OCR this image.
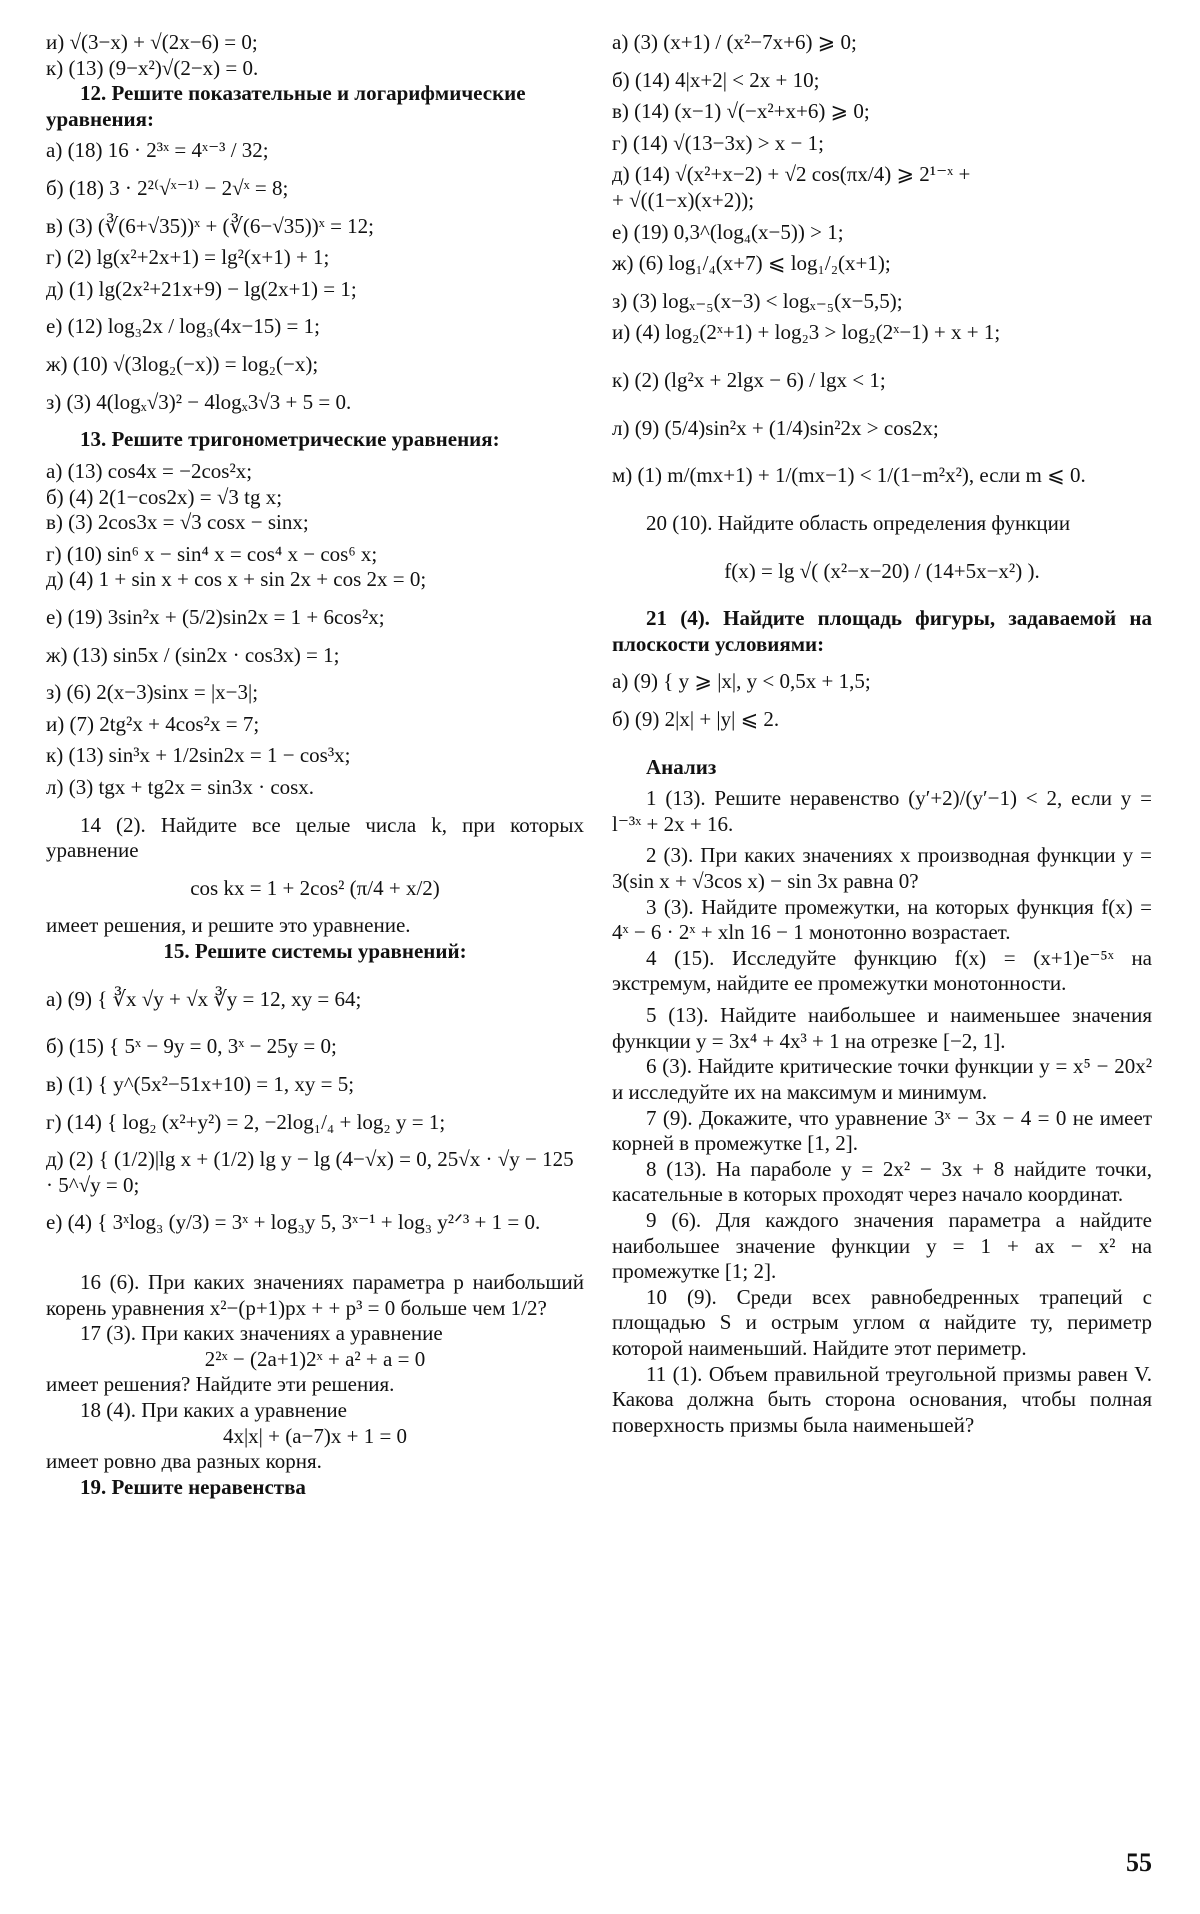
и) √(3−x) + √(2x−6) = 0;

к) (13) (9−x²)√(2−x) = 0.

12. Решите показательные и логарифмические уравнения:

а) (18) 16 · 2³ˣ = 4ˣ⁻³ / 32;

б) (18) 3 · 2²⁽√ˣ⁻¹⁾ − 2√ˣ = 8;

в) (3) (∛(6+√35))ˣ + (∛(6−√35))ˣ = 12;

г) (2) lg(x²+2x+1) = lg²(x+1) + 1;

д) (1) lg(2x²+21x+9) − lg(2x+1) = 1;

е) (12) log₃2x / log₃(4x−15) = 1;

ж) (10) √(3log₂(−x)) = log₂(−x);

з) (3) 4(logₓ√3)² − 4logₓ3√3 + 5 = 0.

13. Решите тригонометрические уравнения:

а) (13) cos4x = −2cos²x;

б) (4) 2(1−cos2x) = √3 tg x;

в) (3) 2cos3x = √3 cosx − sinx;

г) (10) sin⁶ x − sin⁴ x = cos⁴ x − cos⁶ x;

д) (4) 1 + sin x + cos x + sin 2x + cos 2x = 0;

е) (19) 3sin²x + (5/2)sin2x = 1 + 6cos²x;

ж) (13) sin5x / (sin2x · cos3x) = 1;

з) (6) 2(x−3)sinx = |x−3|;

и) (7) 2tg²x + 4cos²x = 7;

к) (13) sin³x + 1/2sin2x = 1 − cos³x;

л) (3) tgx + tg2x = sin3x · cosx.

14 (2). Найдите все целые числа k, при которых уравнение

cos kx = 1 + 2cos² (π/4 + x/2)

имеет решения, и решите это уравнение.

15. Решите системы уравнений:

а) (9) { ∛x √y + √x ∛y = 12, xy = 64;

б) (15) { 5ˣ − 9y = 0, 3ˣ − 25y = 0;

в) (1) { y^(5x²−51x+10) = 1, xy = 5;

г) (14) { log₂ (x²+y²) = 2, −2log₁/₄ + log₂ y = 1;

д) (2) { (1/2)|lg x + (1/2) lg y − lg (4−√x) = 0, 25√x · √y − 125 · 5^√y = 0;

е) (4) { 3ˣlog₃ (y/3) = 3ˣ + log₃y 5, 3ˣ⁻¹ + log₃ y²ᐟ³ + 1 = 0.

16 (6). При каких значениях параметра p наибольший корень уравнения x²−(p+1)px + + p³ = 0 больше чем 1/2?

17 (3). При каких значениях a уравнение

2²ˣ − (2a+1)2ˣ + a² + a = 0

имеет решения? Найдите эти решения.

18 (4). При каких a уравнение

4x|x| + (a−7)x + 1 = 0

имеет ровно два разных корня.

19. Решите неравенства

а) (3) (x+1) / (x²−7x+6) ⩾ 0;

б) (14) 4|x+2| < 2x + 10;

в) (14) (x−1) √(−x²+x+6) ⩾ 0;

г) (14) √(13−3x) > x − 1;

д) (14) √(x²+x−2) + √2 cos(πx/4) ⩾ 2¹⁻ˣ +

+ √((1−x)(x+2));

е) (19) 0,3^(log₄(x−5)) > 1;

ж) (6) log₁/₄(x+7) ⩽ log₁/₂(x+1);

з) (3) logₓ₋₅(x−3) < logₓ₋₅(x−5,5);

и) (4) log₂(2ˣ+1) + log₂3 > log₂(2ˣ−1) + x + 1;

к) (2) (lg²x + 2lgx − 6) / lgx < 1;

л) (9) (5/4)sin²x + (1/4)sin²2x > cos2x;

м) (1) m/(mx+1) + 1/(mx−1) < 1/(1−m²x²), если m ⩽ 0.

20 (10). Найдите область определения функции

f(x) = lg √( (x²−x−20) / (14+5x−x²) ).

21 (4). Найдите площадь фигуры, задаваемой на плоскости условиями:

а) (9) { y ⩾ |x|, y < 0,5x + 1,5;

б) (9) 2|x| + |y| ⩽ 2.

Анализ

1 (13). Решите неравенство (y′+2)/(y′−1) < 2, если y = l⁻³ˣ + 2x + 16.

2 (3). При каких значениях x производная функции y = 3(sin x + √3cos x) − sin 3x равна 0?

3 (3). Найдите промежутки, на которых функция f(x) = 4ˣ − 6 · 2ˣ + xln 16 − 1 монотонно возрастает.

4 (15). Исследуйте функцию f(x) = (x+1)e⁻⁵ˣ на экстремум, найдите ее промежутки монотонности.

5 (13). Найдите наибольшее и наименьшее значения функции y = 3x⁴ + 4x³ + 1 на отрезке [−2, 1].

6 (3). Найдите критические точки функции y = x⁵ − 20x² и исследуйте их на максимум и минимум.

7 (9). Докажите, что уравнение 3ˣ − 3x − 4 = 0 не имеет корней в промежутке [1, 2].

8 (13). На параболе y = 2x² − 3x + 8 найдите точки, касательные в которых проходят через начало координат.

9 (6). Для каждого значения параметра a найдите наибольшее значение функции y = 1 + ax − x² на промежутке [1; 2].

10 (9). Среди всех равнобедренных трапеций с площадью S и острым углом α найдите ту, периметр которой наименьший. Найдите этот периметр.

11 (1). Объем правильной треугольной призмы равен V. Какова должна быть сторона основания, чтобы полная поверхность призмы была наименьшей?

55
